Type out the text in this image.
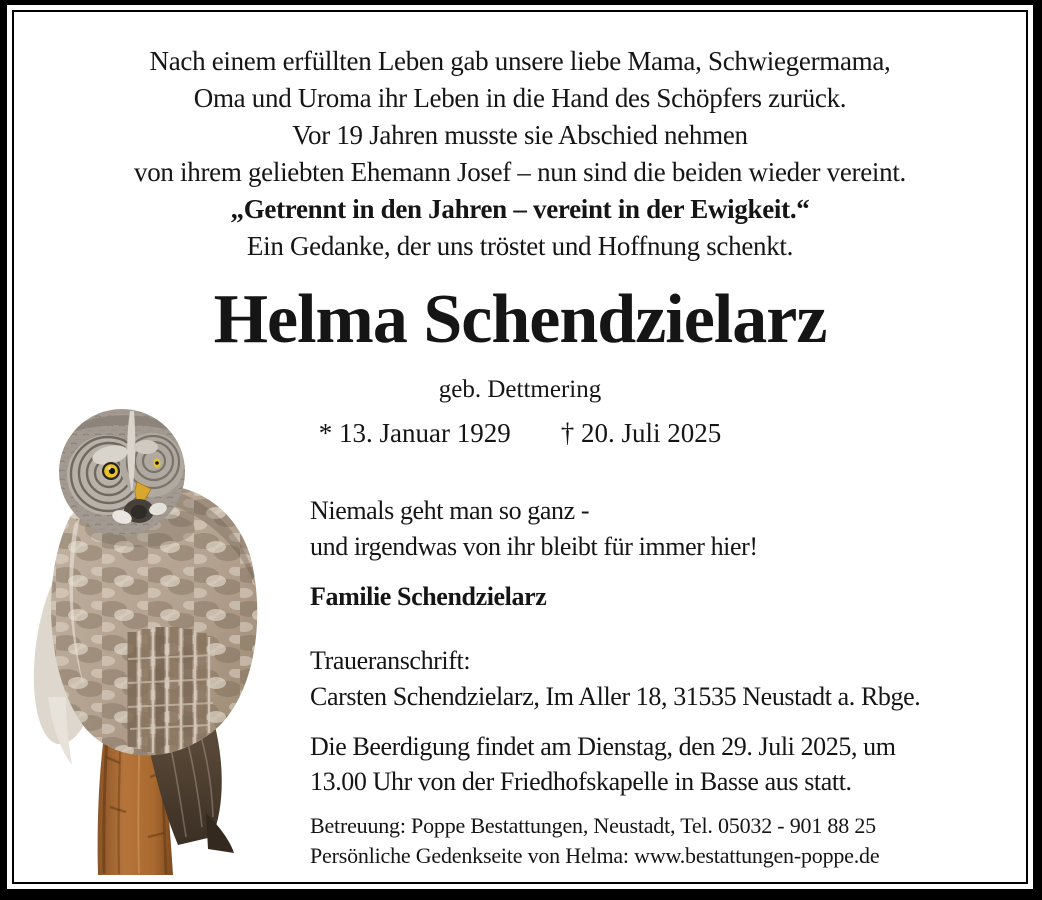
Nach einem erfüllten Leben gab unsere liebe Mama, Schwiegermama,
Oma und Uroma ihr Leben in die Hand des Schöpfers zurück.
Vor 19 Jahren musste sie Abschied nehmen
von ihrem geliebten Ehemann Josef – nun sind die beiden wieder vereint.
„Getrennt in den Jahren – vereint in der Ewigkeit.“
Ein Gedanke, der uns tröstet und Hoffnung schenkt.
Helma Schendzielarz
geb. Dettmering
* 13. Januar 1929 † 20. Juli 2025
Niemals geht man so ganz -
und irgendwas von ihr bleibt für immer hier!
Familie Schendzielarz
Traueranschrift:
Carsten Schendzielarz, Im Aller 18, 31535 Neustadt a. Rbge.
Die Beerdigung findet am Dienstag, den 29. Juli 2025, um
13.00 Uhr von der Friedhofskapelle in Basse aus statt.
Betreuung: Poppe Bestattungen, Neustadt, Tel. 05032 - 901 88 25
Persönliche Gedenkseite von Helma: www.bestattungen-poppe.de
